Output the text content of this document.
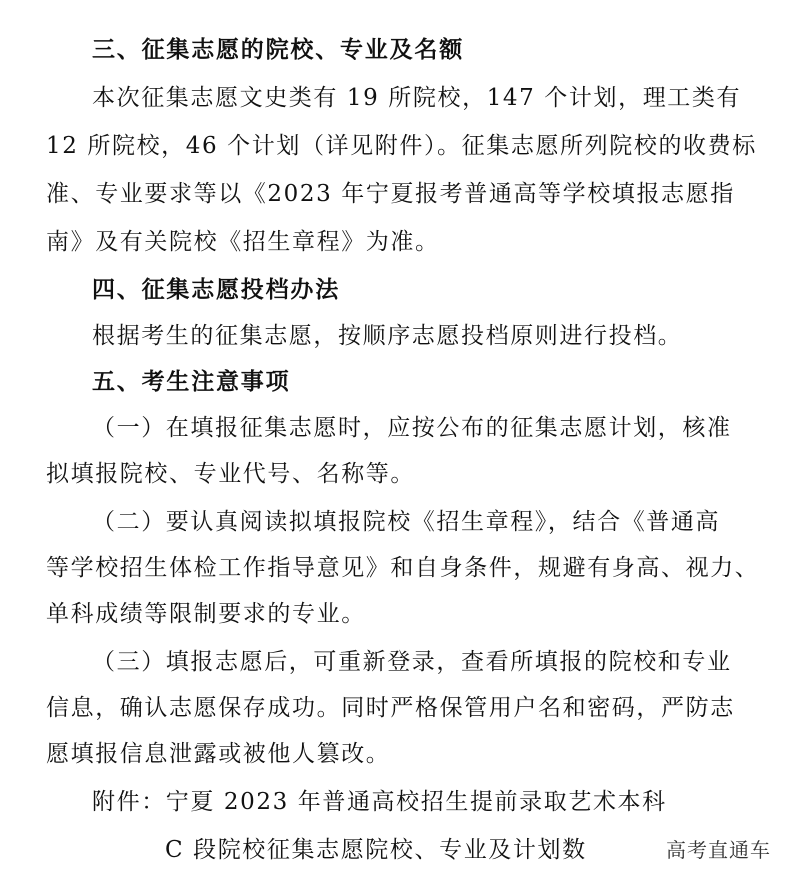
三、征集志愿的院校、专业及名额
本次征集志愿文史类有 19 所院校，147 个计划，理工类有
12 所院校，46 个计划（详见附件）。征集志愿所列院校的收费标
准、专业要求等以《2023 年宁夏报考普通高等学校填报志愿指
南》及有关院校《招生章程》为准。
四、征集志愿投档办法
根据考生的征集志愿，按顺序志愿投档原则进行投档。
五、考生注意事项
（一）在填报征集志愿时，应按公布的征集志愿计划，核准
拟填报院校、专业代号、名称等。
（二）要认真阅读拟填报院校《招生章程》，结合《普通高
等学校招生体检工作指导意见》和自身条件，规避有身高、视力、
单科成绩等限制要求的专业。
（三）填报志愿后，可重新登录，查看所填报的院校和专业
信息，确认志愿保存成功。同时严格保管用户名和密码，严防志
愿填报信息泄露或被他人篡改。
附件：宁夏 2023 年普通高校招生提前录取艺术本科
C 段院校征集志愿院校、专业及计划数	高考直通车
